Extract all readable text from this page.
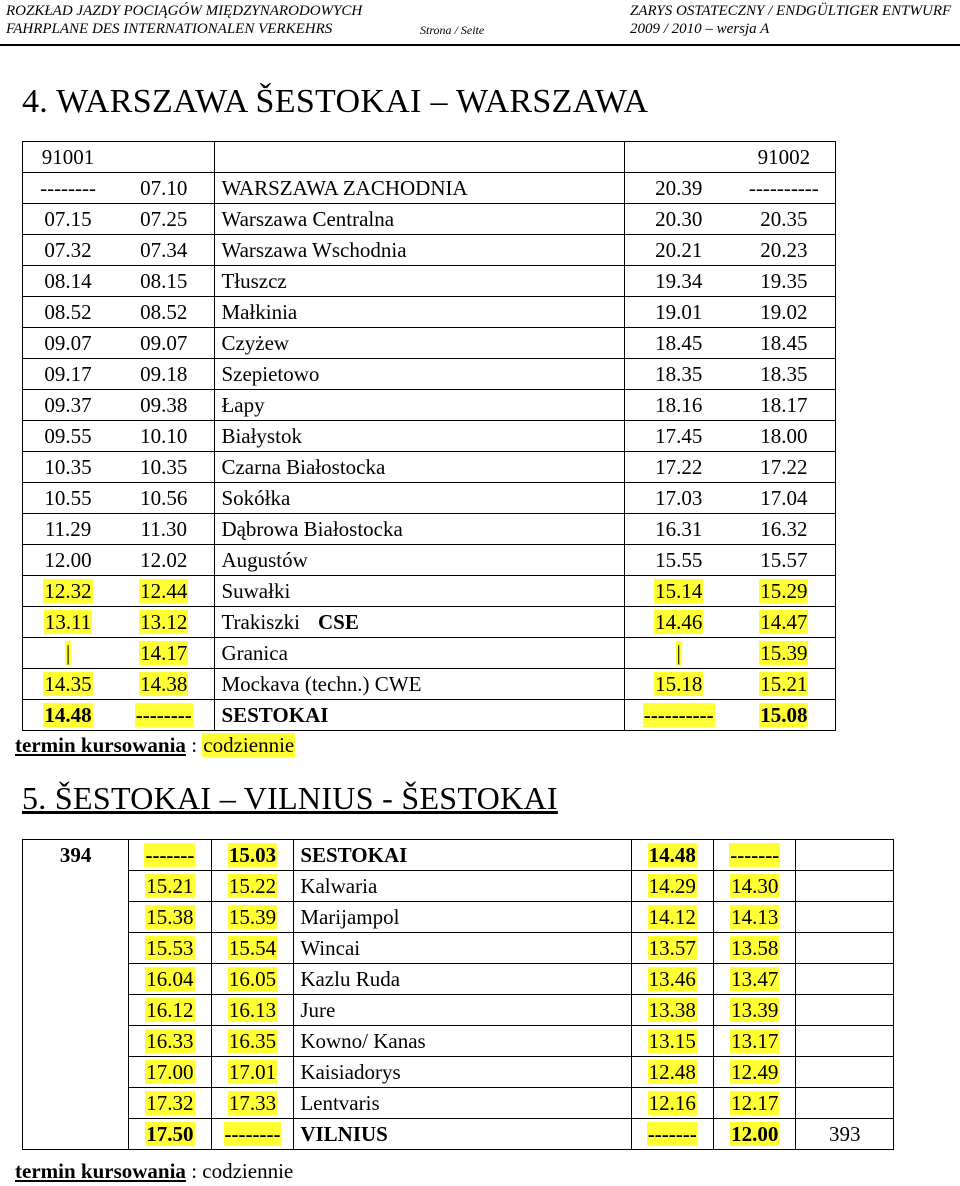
ROZKŁAD JAZDY POCIĄGÓW MIĘDZYNARODOWYCH	ZARYS OSTATECZNY / ENDGÜLTIGER ENTWURF
FAHRPLANE DES INTERNATIONALEN VERKEHRS	Strona / Seite	2009 / 2010 – wersja A
4. WARSZAWA ŠESTOKAI – WARSZAWA
91001				91002
--------	07.10	WARSZAWA ZACHODNIA	20.39	----------
07.15	07.25	Warszawa Centralna	20.30	20.35
07.32	07.34	Warszawa Wschodnia	20.21	20.23
08.14	08.15	Tłuszcz	19.34	19.35
08.52	08.52	Małkinia	19.01	19.02
09.07	09.07	Czyżew	18.45	18.45
09.17	09.18	Szepietowo	18.35	18.35
09.37	09.38	Łapy	18.16	18.17
09.55	10.10	Białystok	17.45	18.00
10.35	10.35	Czarna Białostocka	17.22	17.22
10.55	10.56	Sokółka	17.03	17.04
11.29	11.30	Dąbrowa Białostocka	16.31	16.32
12.00	12.02	Augustów	15.55	15.57
12.32	12.44	Suwałki	15.14	15.29
13.11	13.12	Trakiszki CSE	14.46	14.47
|	14.17	Granica	|	15.39
14.35	14.38	Mockava (techn.) CWE	15.18	15.21
14.48	--------	SESTOKAI	----------	15.08
termin kursowania : codziennie
5. ŠESTOKAI – VILNIUS - ŠESTOKAI
394	-------	15.03	SESTOKAI	14.48	-------	
	15.21	15.22	Kalwaria	14.29	14.30	
	15.38	15.39	Marijampol	14.12	14.13	
	15.53	15.54	Wincai	13.57	13.58	
	16.04	16.05	Kazlu Ruda	13.46	13.47	
	16.12	16.13	Jure	13.38	13.39	
	16.33	16.35	Kowno/ Kanas	13.15	13.17	
	17.00	17.01	Kaisiadorys	12.48	12.49	
	17.32	17.33	Lentvaris	12.16	12.17	
	17.50	--------	VILNIUS	-------	12.00	393
termin kursowania : codziennie
